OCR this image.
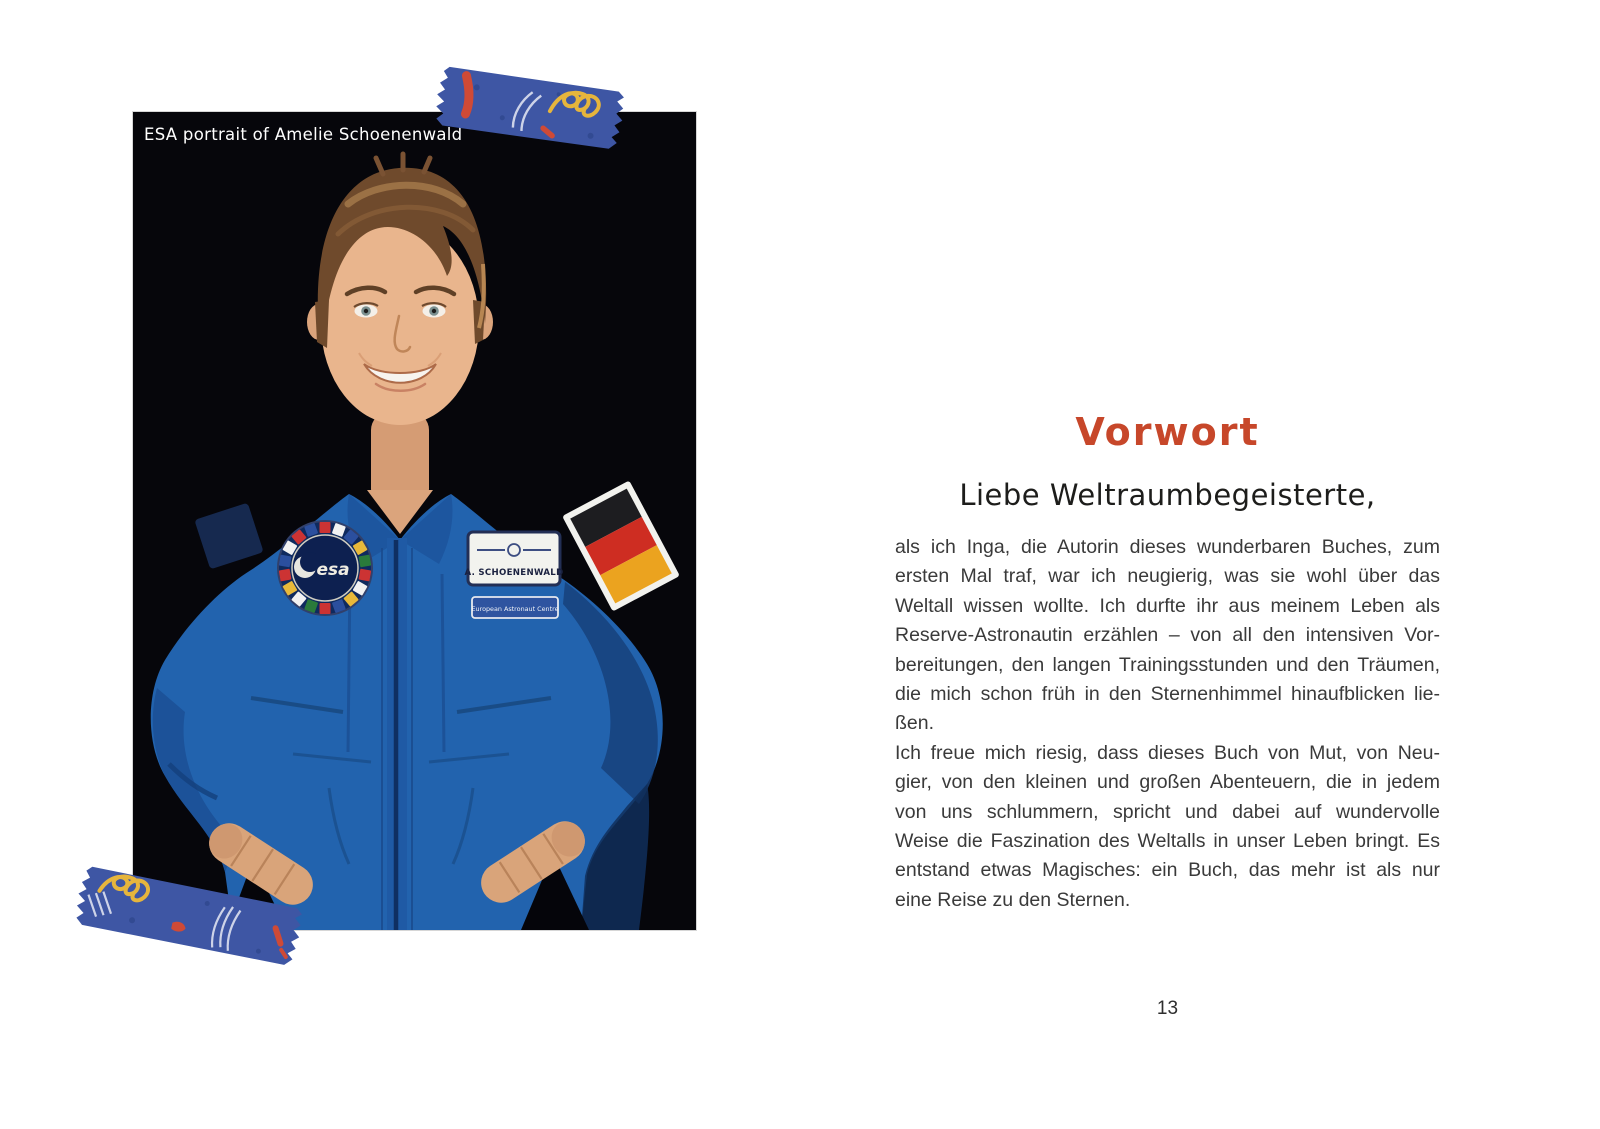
ESA portrait of Amelie Schoenenwald
esa	A. SCHOENENWALD
European Astronaut Centre
Vorwort
Liebe Weltraumbegeisterte,
als ich Inga, die Autorin dieses wunderbaren Buches, zum
ersten Mal traf, war ich neugierig, was sie wohl über das
Weltall wissen wollte. Ich durfte ihr aus meinem Leben als
Reserve-Astronautin erzählen – von all den intensiven Vor-
bereitungen, den langen Trainingsstunden und den Träumen,
die mich schon früh in den Sternenhimmel hinaufblicken lie-
ßen.
Ich freue mich riesig, dass dieses Buch von Mut, von Neu-
gier, von den kleinen und großen Abenteuern, die in jedem
von uns schlummern, spricht und dabei auf wundervolle
Weise die Faszination des Weltalls in unser Leben bringt. Es
entstand etwas Magisches: ein Buch, das mehr ist als nur
eine Reise zu den Sternen.
13
